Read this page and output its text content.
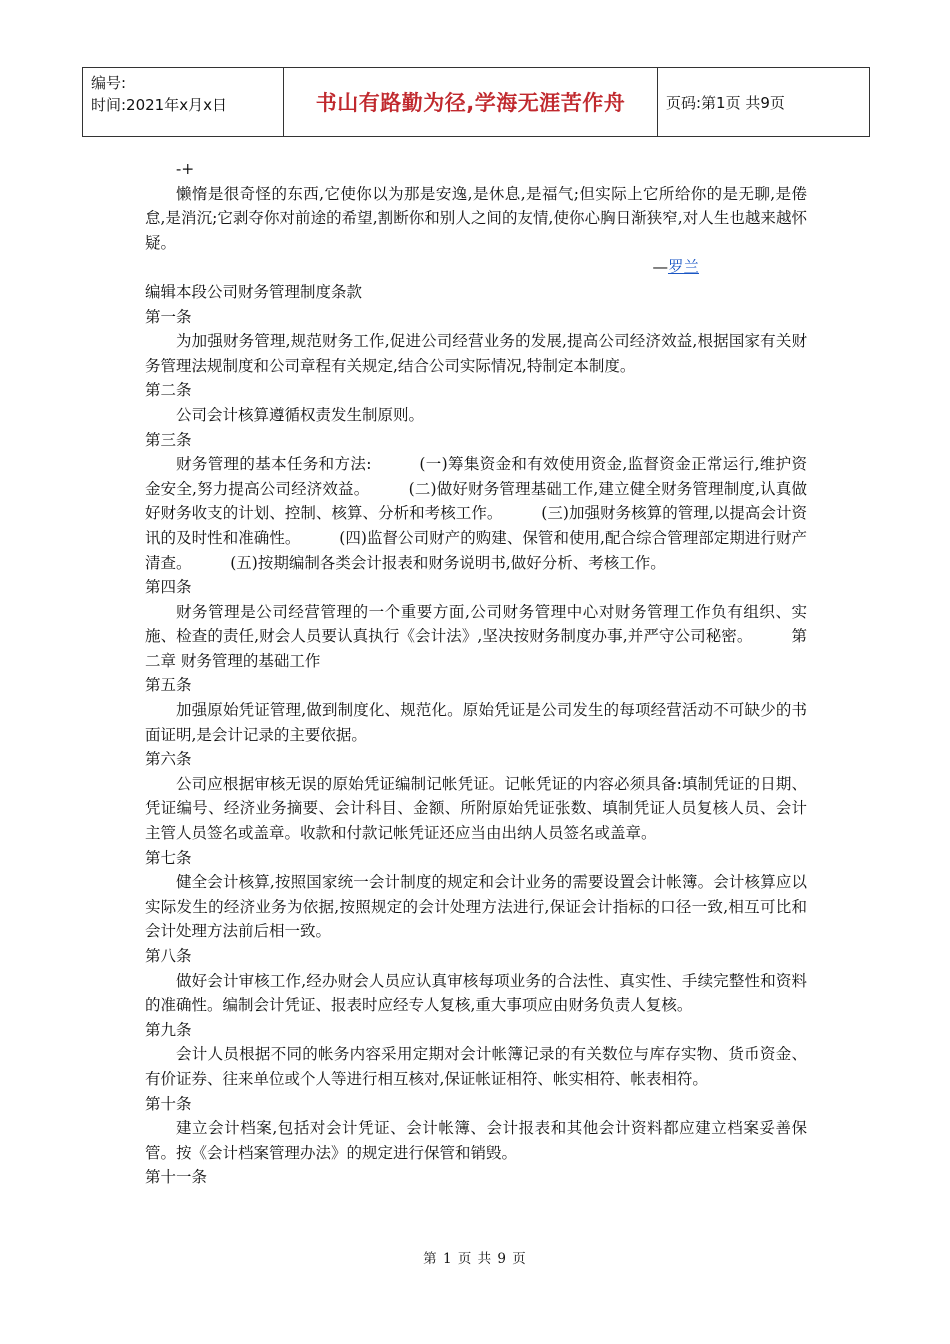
编号:
时间:2021年x月x日	书山有路勤为径,学海无涯苦作舟	页码:第1页 共9页

-+

懒惰是很奇怪的东西,它使你以为那是安逸,是休息,是福气;但实际上它所给你的是无聊,是倦怠,是消沉;它剥夺你对前途的希望,割断你和别人之间的友情,使你心胸日渐狭窄,对人生也越来越怀疑。

—罗兰

编辑本段公司财务管理制度条款

第一条

为加强财务管理,规范财务工作,促进公司经营业务的发展,提高公司经济效益,根据国家有关财务管理法规制度和公司章程有关规定,结合公司实际情况,特制定本制度。

第二条

公司会计核算遵循权责发生制原则。

第三条

财务管理的基本任务和方法:　　　(一)筹集资金和有效使用资金,监督资金正常运行,维护资金安全,努力提高公司经济效益。　　　(二)做好财务管理基础工作,建立健全财务管理制度,认真做好财务收支的计划、控制、核算、分析和考核工作。　　　(三)加强财务核算的管理,以提高会计资讯的及时性和准确性。　　　(四)监督公司财产的购建、保管和使用,配合综合管理部定期进行财产清查。　　　(五)按期编制各类会计报表和财务说明书,做好分析、考核工作。

第四条

财务管理是公司经营管理的一个重要方面,公司财务管理中心对财务管理工作负有组织、实施、检查的责任,财会人员要认真执行《会计法》,坚决按财务制度办事,并严守公司秘密。　　　第二章 财务管理的基础工作

第五条

加强原始凭证管理,做到制度化、规范化。原始凭证是公司发生的每项经营活动不可缺少的书面证明,是会计记录的主要依据。

第六条

公司应根据审核无误的原始凭证编制记帐凭证。记帐凭证的内容必须具备:填制凭证的日期、凭证编号、经济业务摘要、会计科目、金额、所附原始凭证张数、填制凭证人员复核人员、会计主管人员签名或盖章。收款和付款记帐凭证还应当由出纳人员签名或盖章。

第七条

健全会计核算,按照国家统一会计制度的规定和会计业务的需要设置会计帐簿。会计核算应以实际发生的经济业务为依据,按照规定的会计处理方法进行,保证会计指标的口径一致,相互可比和会计处理方法前后相一致。

第八条

做好会计审核工作,经办财会人员应认真审核每项业务的合法性、真实性、手续完整性和资料的准确性。编制会计凭证、报表时应经专人复核,重大事项应由财务负责人复核。

第九条

会计人员根据不同的帐务内容采用定期对会计帐簿记录的有关数位与库存实物、货币资金、有价证券、往来单位或个人等进行相互核对,保证帐证相符、帐实相符、帐表相符。

第十条

建立会计档案,包括对会计凭证、会计帐簿、会计报表和其他会计资料都应建立档案妥善保管。按《会计档案管理办法》的规定进行保管和销毁。

第十一条

第 1 页 共 9 页
